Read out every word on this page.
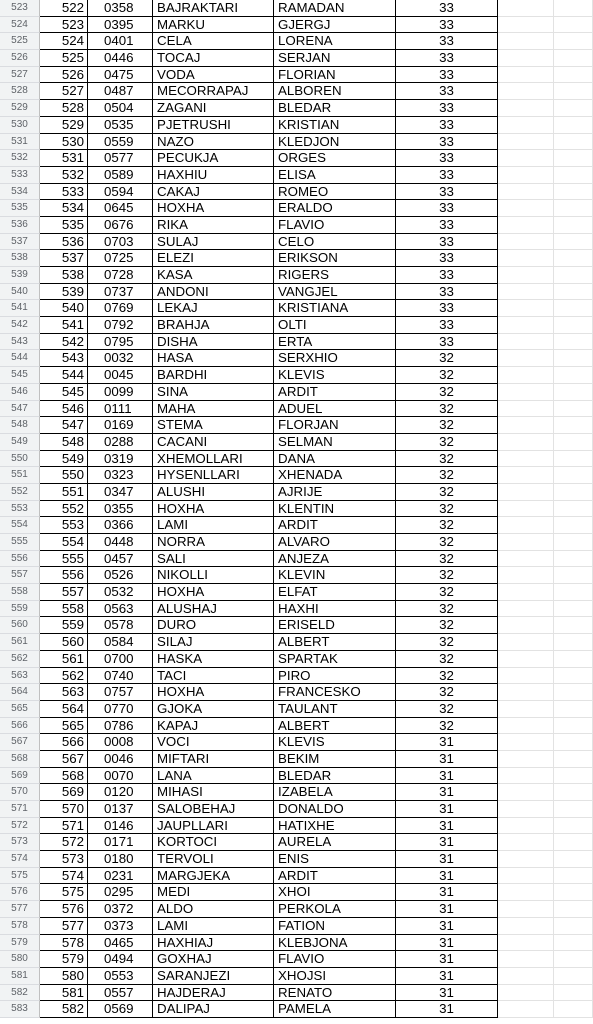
523	522	0358	BAJRAKTARI	RAMADAN	33
524	523	0395	MARKU	GJERGJ	33
525	524	0401	CELA	LORENA	33
526	525	0446	TOCAJ	SERJAN	33
527	526	0475	VODA	FLORIAN	33
528	527	0487	MECORRAPAJ	ALBOREN	33
529	528	0504	ZAGANI	BLEDAR	33
530	529	0535	PJETRUSHI	KRISTIAN	33
531	530	0559	NAZO	KLEDJON	33
532	531	0577	PECUKJA	ORGES	33
533	532	0589	HAXHIU	ELISA	33
534	533	0594	CAKAJ	ROMEO	33
535	534	0645	HOXHA	ERALDO	33
536	535	0676	RIKA	FLAVIO	33
537	536	0703	SULAJ	CELO	33
538	537	0725	ELEZI	ERIKSON	33
539	538	0728	KASA	RIGERS	33
540	539	0737	ANDONI	VANGJEL	33
541	540	0769	LEKAJ	KRISTIANA	33
542	541	0792	BRAHJA	OLTI	33
543	542	0795	DISHA	ERTA	33
544	543	0032	HASA	SERXHIO	32
545	544	0045	BARDHI	KLEVIS	32
546	545	0099	SINA	ARDIT	32
547	546	0111	MAHA	ADUEL	32
548	547	0169	STEMA	FLORJAN	32
549	548	0288	CACANI	SELMAN	32
550	549	0319	XHEMOLLARI	DANA	32
551	550	0323	HYSENLLARI	XHENADA	32
552	551	0347	ALUSHI	AJRIJE	32
553	552	0355	HOXHA	KLENTIN	32
554	553	0366	LAMI	ARDIT	32
555	554	0448	NORRA	ALVARO	32
556	555	0457	SALI	ANJEZA	32
557	556	0526	NIKOLLI	KLEVIN	32
558	557	0532	HOXHA	ELFAT	32
559	558	0563	ALUSHAJ	HAXHI	32
560	559	0578	DURO	ERISELD	32
561	560	0584	SILAJ	ALBERT	32
562	561	0700	HASKA	SPARTAK	32
563	562	0740	TACI	PIRO	32
564	563	0757	HOXHA	FRANCESKO	32
565	564	0770	GJOKA	TAULANT	32
566	565	0786	KAPAJ	ALBERT	32
567	566	0008	VOCI	KLEVIS	31
568	567	0046	MIFTARI	BEKIM	31
569	568	0070	LANA	BLEDAR	31
570	569	0120	MIHASI	IZABELA	31
571	570	0137	SALOBEHAJ	DONALDO	31
572	571	0146	JAUPLLARI	HATIXHE	31
573	572	0171	KORTOCI	AURELA	31
574	573	0180	TERVOLI	ENIS	31
575	574	0231	MARGJEKA	ARDIT	31
576	575	0295	MEDI	XHOI	31
577	576	0372	ALDO	PERKOLA	31
578	577	0373	LAMI	FATION	31
579	578	0465	HAXHIAJ	KLEBJONA	31
580	579	0494	GOXHAJ	FLAVIO	31
581	580	0553	SARANJEZI	XHOJSI	31
582	581	0557	HAJDERAJ	RENATO	31
583	582	0569	DALIPAJ	PAMELA	31
